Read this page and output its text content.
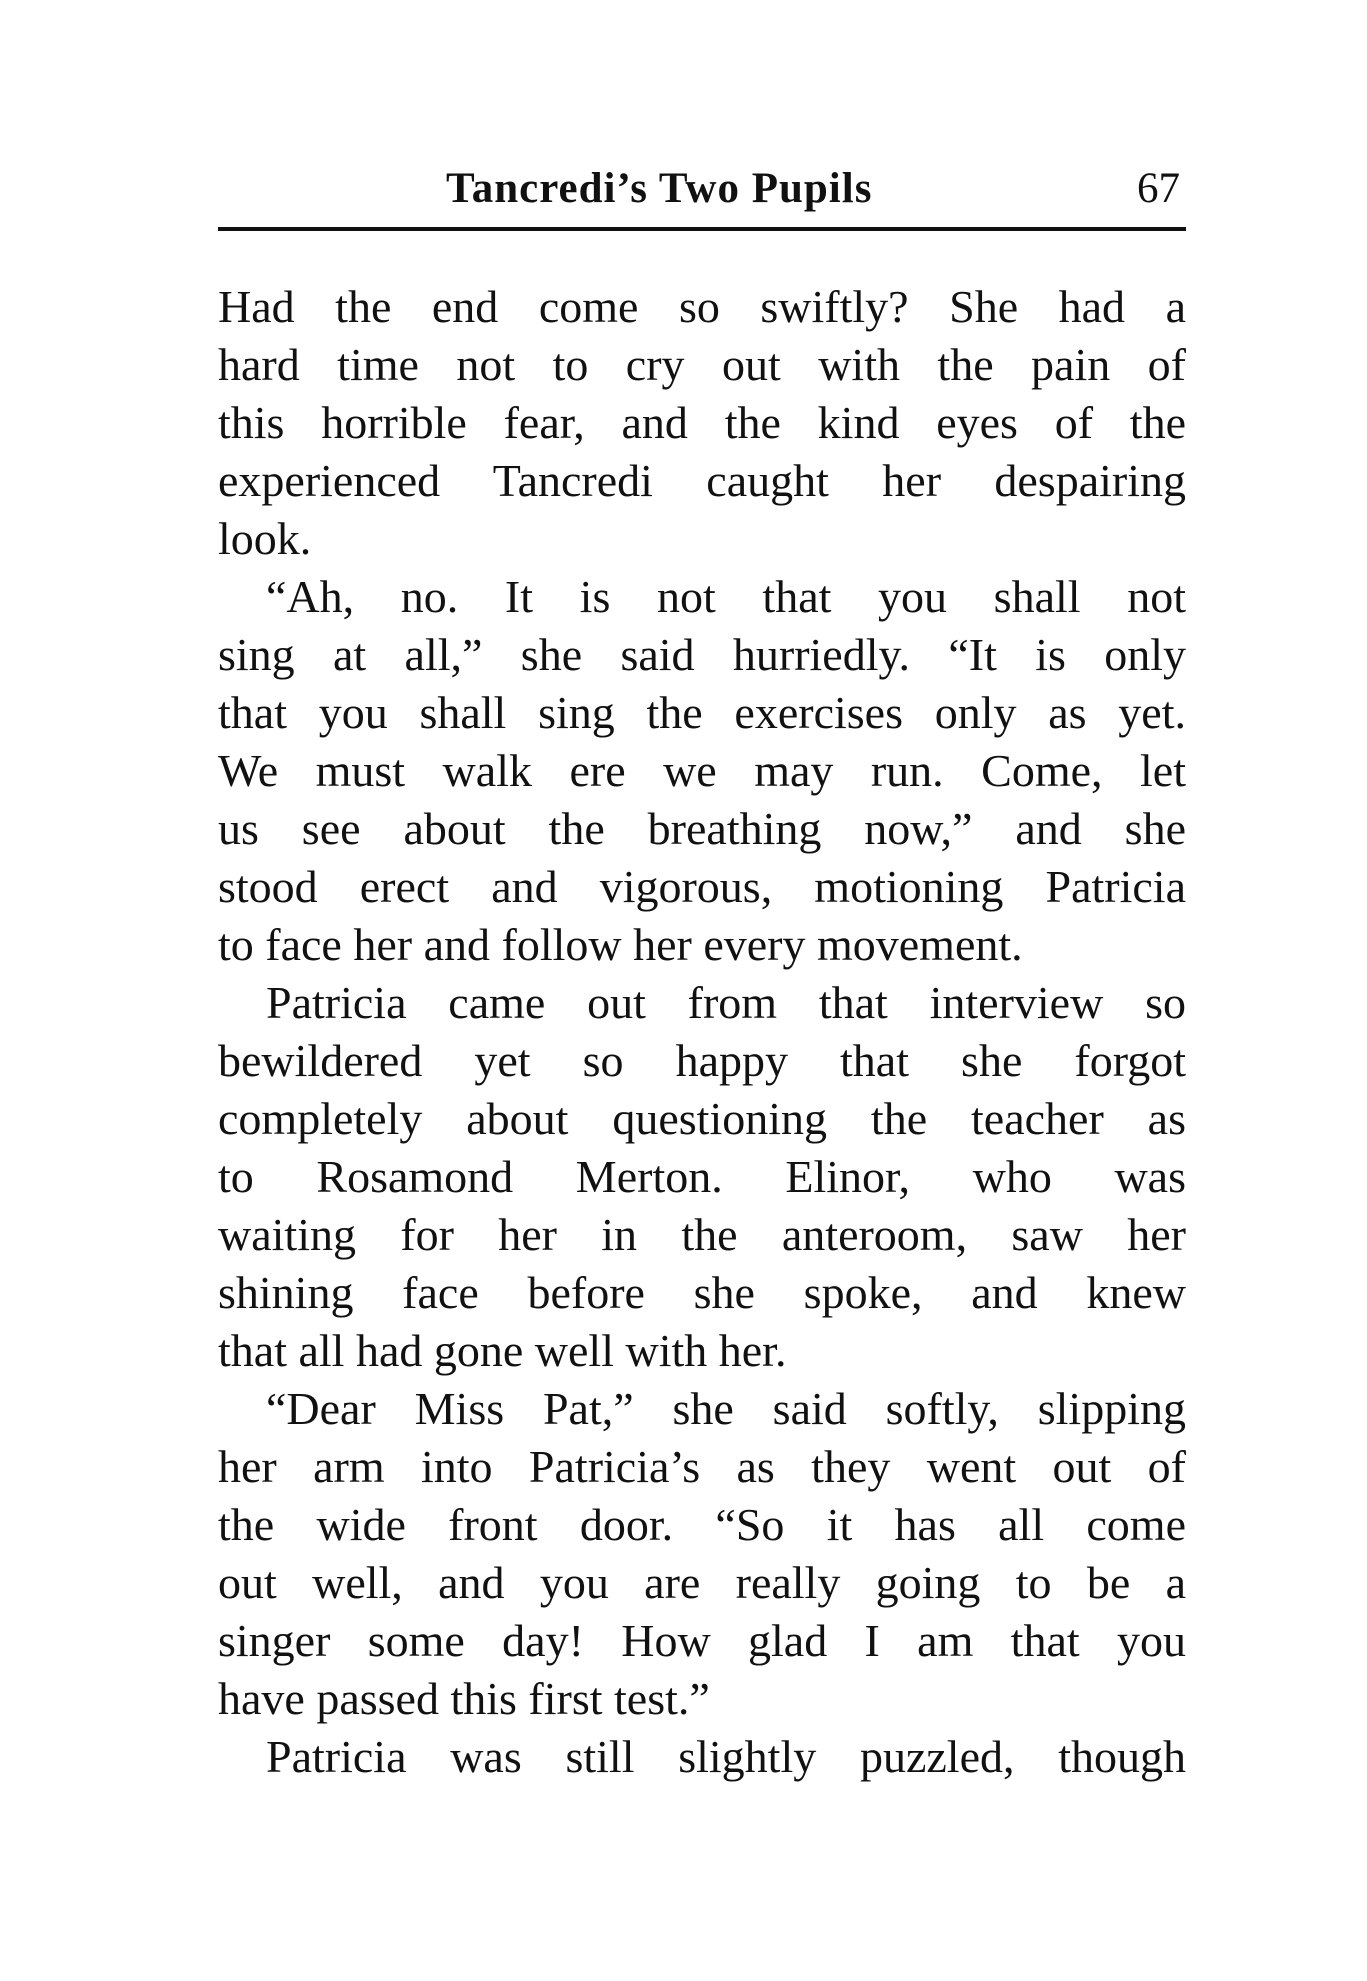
Tancredi’s Two Pupils	67
Had the end come so swiftly? She had a
hard time not to cry out with the pain of
this horrible fear, and the kind eyes of the
experienced Tancredi caught her despairing
look.
“Ah, no. It is not that you shall not
sing at all,” she said hurriedly. “It is only
that you shall sing the exercises only as yet.
We must walk ere we may run. Come, let
us see about the breathing now,” and she
stood erect and vigorous, motioning Patricia
to face her and follow her every movement.
Patricia came out from that interview so
bewildered yet so happy that she forgot
completely about questioning the teacher as
to Rosamond Merton. Elinor, who was
waiting for her in the anteroom, saw her
shining face before she spoke, and knew
that all had gone well with her.
“Dear Miss Pat,” she said softly, slipping
her arm into Patricia’s as they went out of
the wide front door. “So it has all come
out well, and you are really going to be a
singer some day! How glad I am that you
have passed this first test.”
Patricia was still slightly puzzled, though
